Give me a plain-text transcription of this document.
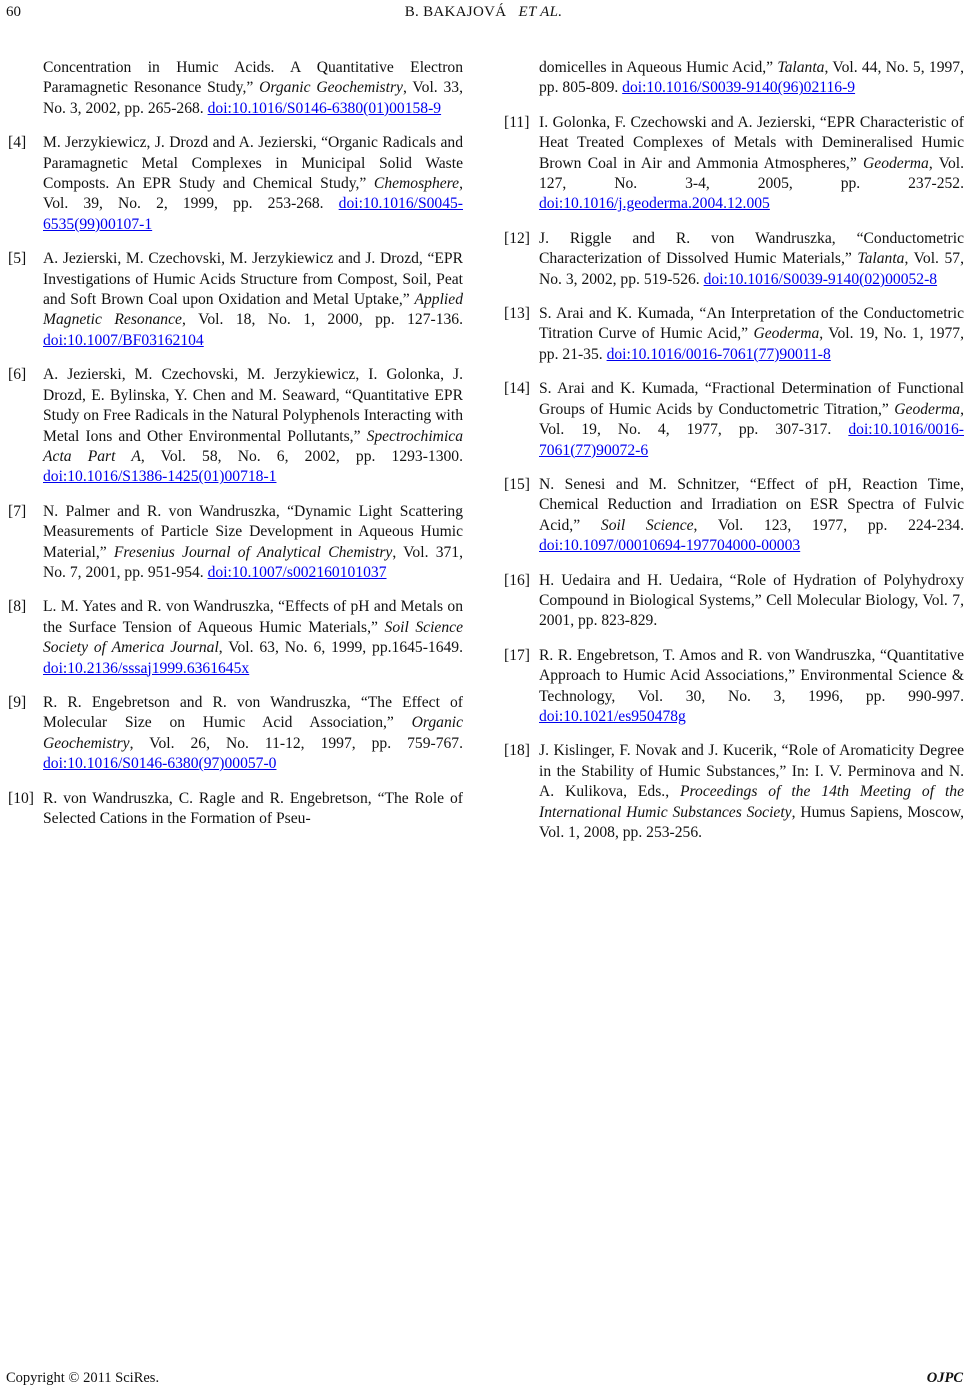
60	B. BAKAJOVÁ ET AL.
Concentration in Humic Acids. A Quantitative Electron Paramagnetic Resonance Study,” Organic Geochemistry, Vol. 33, No. 3, 2002, pp. 265-268. doi:10.1016/S0146-6380(01)00158-9
[ 4 ]	M. Jerzykiewicz, J. Drozd and A. Jezierski, “Organic Radicals and Paramagnetic Metal Complexes in Municipal Solid Waste Composts. An EPR Study and Chemical Study,” Chemosphere, Vol. 39, No. 2, 1999, pp. 253-268. doi:10.1016/S0045-6535(99)00107-1
[ 5 ]	A. Jezierski, M. Czechovski, M. Jerzykiewicz and J. Drozd, “EPR Investigations of Humic Acids Structure from Compost, Soil, Peat and Soft Brown Coal upon Oxidation and Metal Uptake,” Applied Magnetic Resonance, Vol. 18, No. 1, 2000, pp. 127-136. doi:10.1007/BF03162104
[ 6 ]	A. Jezierski, M. Czechovski, M. Jerzykiewicz, I. Golonka, J. Drozd, E. Bylinska, Y. Chen and M. Seaward, “Quantitative EPR Study on Free Radicals in the Natural Polyphenols Interacting with Metal Ions and Other Environmental Pollutants,” Spectrochimica Acta Part A, Vol. 58, No. 6, 2002, pp. 1293-1300. doi:10.1016/S1386-1425(01)00718-1
[ 7 ]	N. Palmer and R. von Wandruszka, “Dynamic Light Scattering Measurements of Particle Size Development in Aqueous Humic Material,” Fresenius Journal of Analytical Chemistry, Vol. 371, No. 7, 2001, pp. 951-954. doi:10.1007/s002160101037
[ 8 ]	L. M. Yates and R. von Wandruszka, “Effects of pH and Metals on the Surface Tension of Aqueous Humic Materials,” Soil Science Society of America Journal, Vol. 63, No. 6, 1999, pp.1645-1649. doi:10.2136/sssaj1999.6361645x
[ 9 ]	R. R. Engebretson and R. von Wandruszka, “The Effect of Molecular Size on Humic Acid Association,” Organic Geochemistry, Vol. 26, No. 11-12, 1997, pp. 759-767. doi:10.1016/S0146-6380(97)00057-0
[ 10 ] R. von Wandruszka, C. Ragle and R. Engebretson, “The Role of Selected Cations in the Formation of Pseu-
domicelles in Aqueous Humic Acid,” Talanta, Vol. 44, No. 5, 1997, pp. 805-809. doi:10.1016/S0039-9140(96)02116-9
[ 11 ] I. Golonka, F. Czechowski and A. Jezierski, “EPR Characteristic of Heat Treated Complexes of Metals with Demineralised Humic Brown Coal in Air and Ammonia Atmospheres,” Geoderma, Vol. 127, No. 3-4, 2005, pp. 237-252. doi:10.1016/j.geoderma.2004.12.005
[ 12 ] J. Riggle and R. von Wandruszka, “Conductometric Characterization of Dissolved Humic Materials,” Talanta, Vol. 57, No. 3, 2002, pp. 519-526. doi:10.1016/S0039-9140(02)00052-8
[ 13 ] S. Arai and K. Kumada, “An Interpretation of the Conductometric Titration Curve of Humic Acid,” Geoderma, Vol. 19, No. 1, 1977, pp. 21-35. doi:10.1016/0016-7061(77)90011-8
[ 14 ] S. Arai and K. Kumada, “Fractional Determination of Functional Groups of Humic Acids by Conductometric Titration,” Geoderma, Vol. 19, No. 4, 1977, pp. 307-317. doi:10.1016/0016-7061(77)90072-6
[ 15 ] N. Senesi and M. Schnitzer, “Effect of pH, Reaction Time, Chemical Reduction and Irradiation on ESR Spectra of Fulvic Acid,” Soil Science, Vol. 123, 1977, pp. 224-234. doi:10.1097/00010694-197704000-00003
[ 16 ] H. Uedaira and H. Uedaira, “Role of Hydration of Polyhydroxy Compound in Biological Systems,” Cell Molecular Biology, Vol. 7, 2001, pp. 823-829.
[ 17 ] R. R. Engebretson, T. Amos and R. von Wandruszka, “Quantitative Approach to Humic Acid Associations,” Environmental Science & Technology, Vol. 30, No. 3, 1996, pp. 990-997. doi:10.1021/es950478g
[ 18 ] J. Kislinger, F. Novak and J. Kucerik, “Role of Aromaticity Degree in the Stability of Humic Substances,” In: I. V. Perminova and N. A. Kulikova, Eds., Proceedings of the 14th Meeting of the International Humic Substances Society, Humus Sapiens, Moscow, Vol. 1, 2008, pp. 253-256.
Copyright © 2011 SciRes.	OJPC
